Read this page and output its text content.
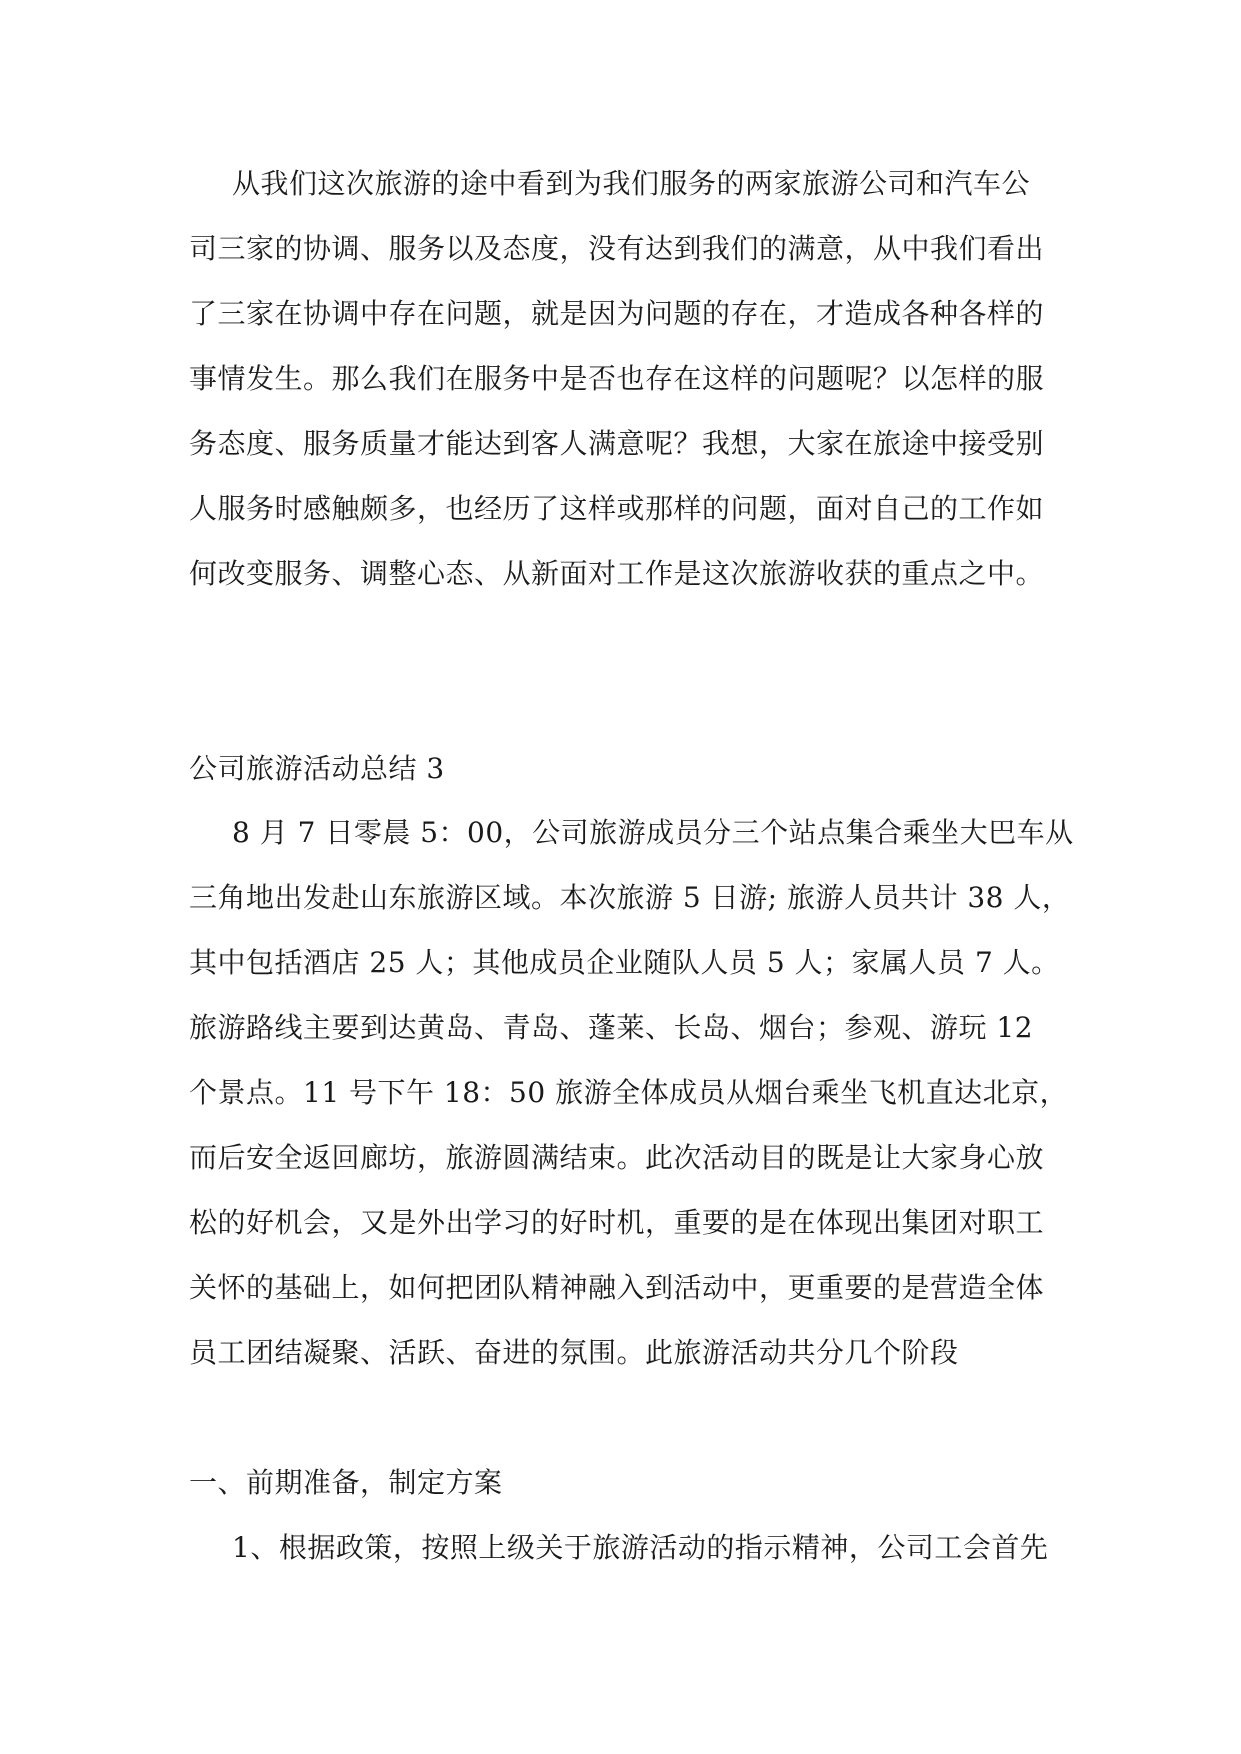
从我们这次旅游的途中看到为我们服务的两家旅游公司和汽车公
司三家的协调、服务以及态度，没有达到我们的满意，从中我们看出
了三家在协调中存在问题，就是因为问题的存在，才造成各种各样的
事情发生。那么我们在服务中是否也存在这样的问题呢？以怎样的服
务态度、服务质量才能达到客人满意呢？我想，大家在旅途中接受别
人服务时感触颇多，也经历了这样或那样的问题，面对自己的工作如
何改变服务、调整心态、从新面对工作是这次旅游收获的重点之中。
公司旅游活动总结 3
8 月 7 日零晨 5：00，公司旅游成员分三个站点集合乘坐大巴车从
三角地出发赴山东旅游区域。本次旅游 5 日游; 旅游人员共计 38 人，
其中包括酒店 25 人；其他成员企业随队人员 5 人；家属人员 7 人。
旅游路线主要到达黄岛、青岛、蓬莱、长岛、烟台；参观、游玩 12
个景点。11 号下午 18：50 旅游全体成员从烟台乘坐飞机直达北京，
而后安全返回廊坊，旅游圆满结束。此次活动目的既是让大家身心放
松的好机会，又是外出学习的好时机，重要的是在体现出集团对职工
关怀的基础上，如何把团队精神融入到活动中，更重要的是营造全体
员工团结凝聚、活跃、奋进的氛围。此旅游活动共分几个阶段
一、前期准备，制定方案
1、根据政策，按照上级关于旅游活动的指示精神，公司工会首先
